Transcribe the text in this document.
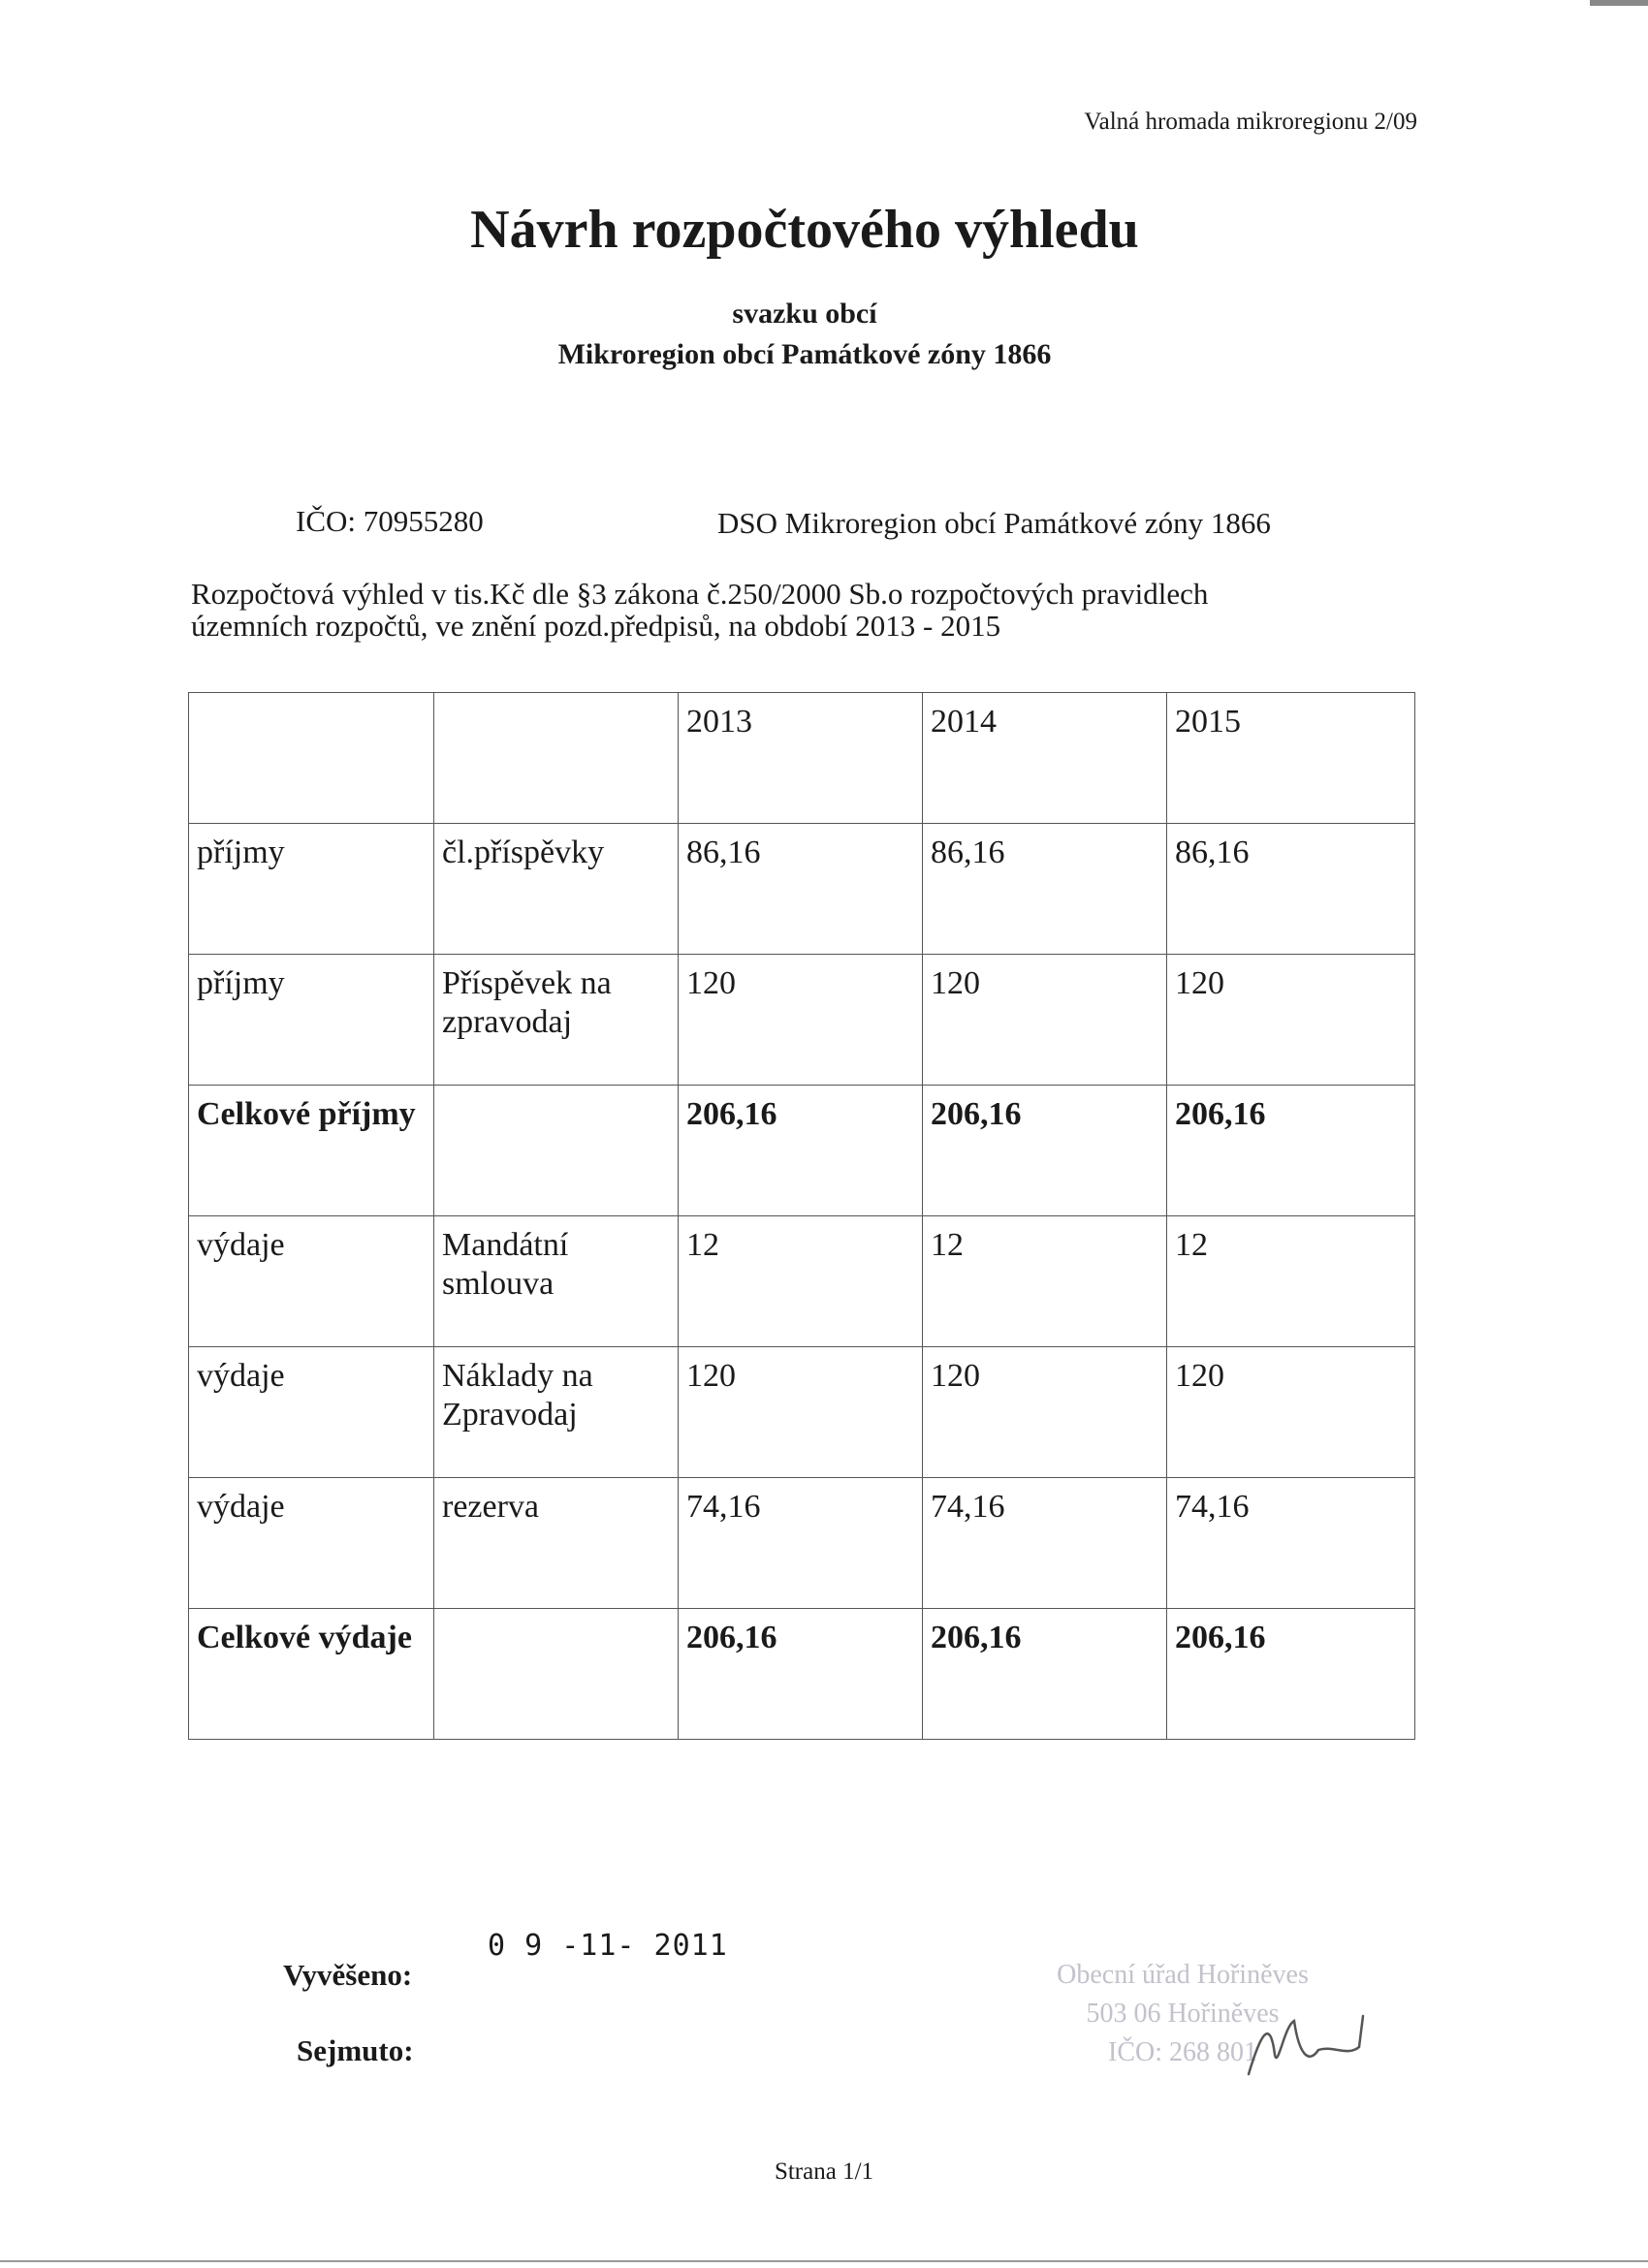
Valná hromada mikroregionu 2/09
Návrh rozpočtového výhledu
svazku obcí
Mikroregion obcí Památkové zóny 1866
IČO: 70955280	DSO Mikroregion obcí Památkové zóny 1866
Rozpočtová výhled v tis.Kč dle §3 zákona č.250/2000 Sb.o rozpočtových pravidlech
územních rozpočtů, ve znění pozd.předpisů, na období 2013 - 2015
		2013	2014	2015
příjmy	čl.příspěvky	86,16	86,16	86,16
příjmy	Příspěvek na zpravodaj	120	120	120
Celkové příjmy		206,16	206,16	206,16
výdaje	Mandátní smlouva	12	12	12
výdaje	Náklady na Zpravodaj	120	120	120
výdaje	rezerva	74,16	74,16	74,16
Celkové výdaje		206,16	206,16	206,16
0 9 -11- 2011
Vyvěšeno:
Sejmuto:
Obecní úřad Hořiněves
503 06 Hořiněves
IČO: 268 801
Strana 1/1
